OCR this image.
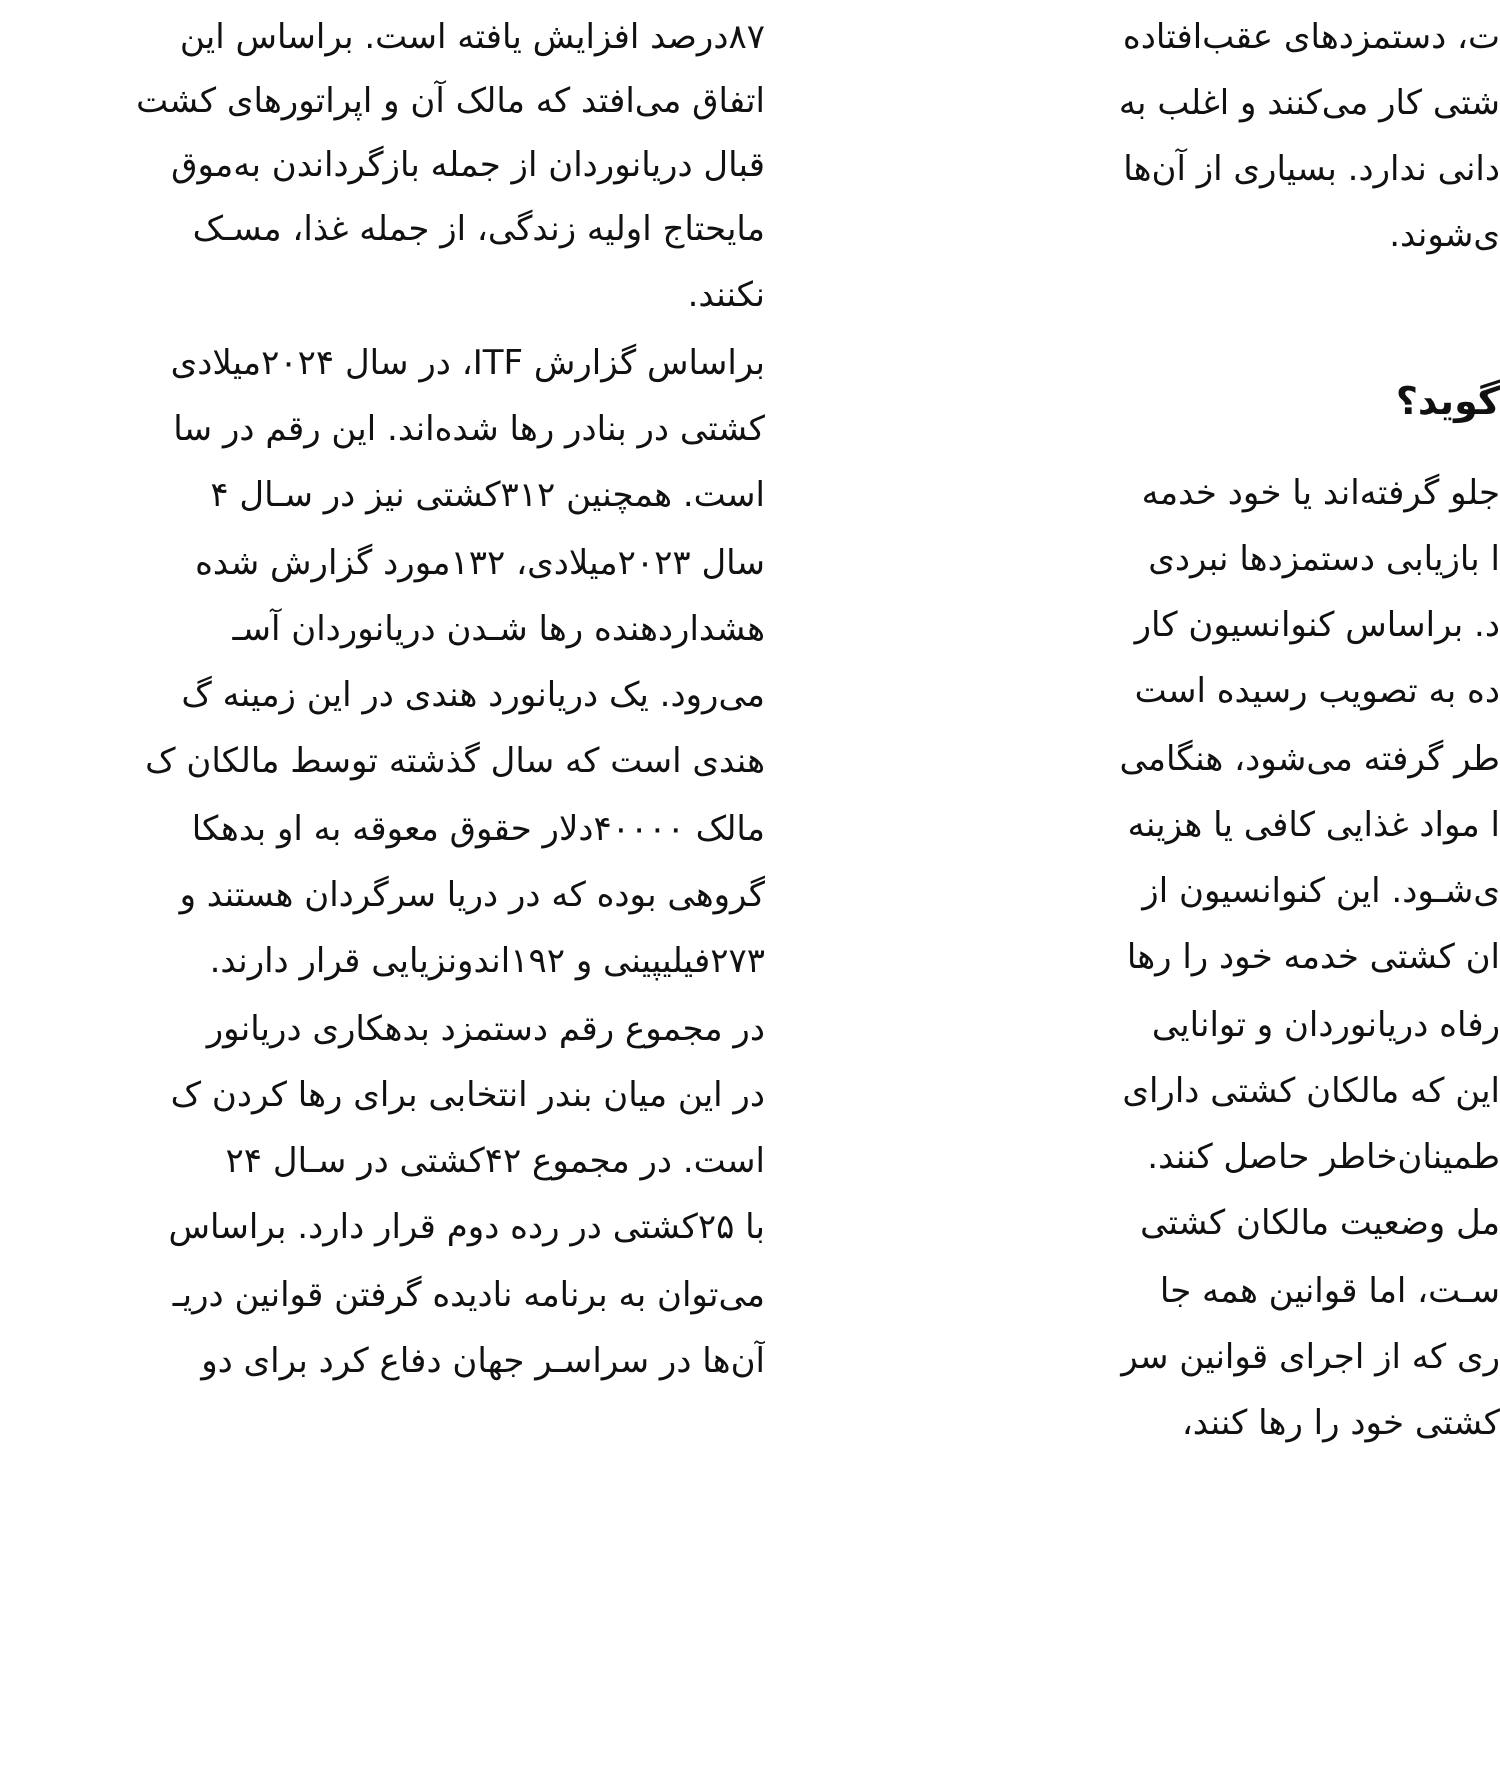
۸۷درصد افزایش یافته است. براساس این
اتفاق می‌افتد که مالک آن و اپراتورهای کشت
قبال دریانوردان از جمله بازگرداندن به‌موق
مایحتاج اولیه زندگی، از جمله غذا، مسـک
نکنند.
براساس گزارش ITF، در سال ۲۰۲۴میلادی
کشتی در بنادر رها شده‌اند. این رقم در سا
است. همچنین ۳۱۲کشتی نیز در سـال ۴
سال ۲۰۲۳میلادی، ۱۳۲مورد گزارش شده
هشداردهنده رها شـدن دریانوردان آسـ
می‌رود. یک دریانورد هندی در این زمینه گ
هندی است که سال گذشته توسط مالکان ک
مالک ۴۰۰۰۰دلار حقوق معوقه به او بدهکا
گروهی بوده که در دریا سرگردان هستند و
۲۷۳فیلیپینی و ۱۹۲اندونزیایی قرار دارند.
در مجموع رقم دستمزد بدهکاری دریانور
در این میان بندر انتخابی برای رها کردن ک
است. در مجموع ۴۲کشتی در سـال ۲۴
با ۲۵کشتی در رده دوم قرار دارد. براساس
می‌توان به برنامه نادیده گرفتن قوانین دریـ
آن‌ها در سراسـر جهان دفاع کرد برای دو
ت، دستمزدهای عقب‌افتاده
شتی کار می‌کنند و اغلب به
دانی ندارد. بسیاری از آن‌ها
ی‌شوند.
گوید؟
جلو گرفته‌اند یا خود خدمه
ا بازیابی دستمزدها نبردی
د. براساس کنوانسیون کار
ده به تصویب رسیده است
طر گرفته می‌شود، هنگامی
ا مواد غذایی کافی یا هزینه
ی‌شـود. این کنوانسیون از
ان کشتی خدمه خود را رها
رفاه دریانوردان و توانایی
این که مالکان کشتی دارای
طمینان‌خاطر حاصل کنند.
مل وضعیت مالکان کشتی
سـت، اما قوانین همه جا
ری که از اجرای قوانین سر
کشتی خود را رها کنند،
